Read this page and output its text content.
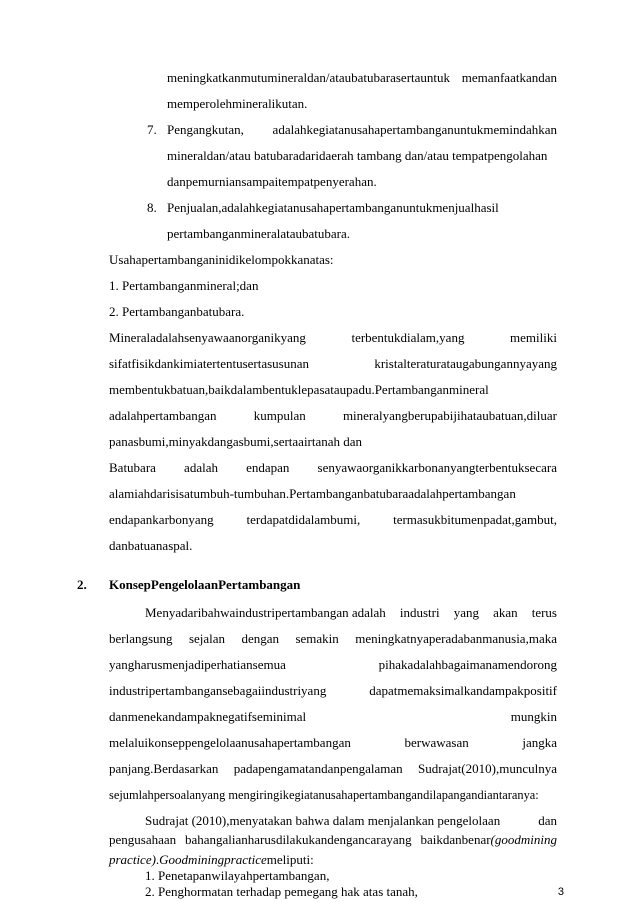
meningkatkanmutumineraldan/ataubatubarasertauntuk memanfaatkandan
memperolehmineralikutan.
7. Pengangkutan, adalahkegiatanusahapertambanganuntukmemindahkan
mineraldan/atau batubaradaridaerah tambang dan/atau tempatpengolahan
danpemurniansampaitempatpenyerahan.
8. Penjualan,adalahkegiatanusahapertambanganuntukmenjualhasil
pertambanganmineralataubatubara.
Usahapertambanganinidikelompokkanatas:
1. Pertambanganmineral;dan
2. Pertambanganbatubara.
Mineraladalahsenyawaanorganikyang	terbentukdialam,yang	memiliki
sifatfisikdankimiatertentusertasusunan	kristalteraturataugabungannyayang
membentukbatuan,baikdalambentuklepasataupadu.Pertambanganmineral
adalahpertambangan	kumpulan	mineralyangberupabijihataubatuan,diluar
panasbumi,minyakdangasbumi,sertaairtanah dan
Batubara adalah endapan senyawaorganikkarbonanyangterbentuksecara
alamiahdarisisatumbuh-tumbuhan.Pertambanganbatubaraadalahpertambangan
endapankarbonyang	terdapatdidalambumi,	termasukbitumenpadat,gambut,
danbatuanaspal.
2. KonsepPengelolaanPertambangan
Menyadaribahwaindustripertambangan adalah industri yang akan terus
berlangsung sejalan dengan semakin meningkatnyaperadabanmanusia,maka
yangharusmenjadiperhatiansemua	pihakadalahbagaimanamendorong
industripertambangansebagaiindustriyang	dapatmemaksimalkandampakpositif
danmenekandampaknegatifseminimal	mungkin
melaluikonseppengelolaanusahapertambangan	berwawasan	jangka
panjang.Berdasarkan padapengamatandanpengalaman Sudrajat(2010),munculnya
sejumlahpersoalanyang mengiringikegiatanusahapertambangandilapangandiantaranya:
Sudrajat (2010),menyatakan bahwa dalam menjalankan pengelolaan	dan
pengusahaan bahangalianharusdilakukandengancarayang baikdanbenar(goodmining
practice).Goodminingpracticemeliputi:
1. Penetapanwilayahpertambangan,
2. Penghormatan terhadap pemegang hak atas tanah,	3
